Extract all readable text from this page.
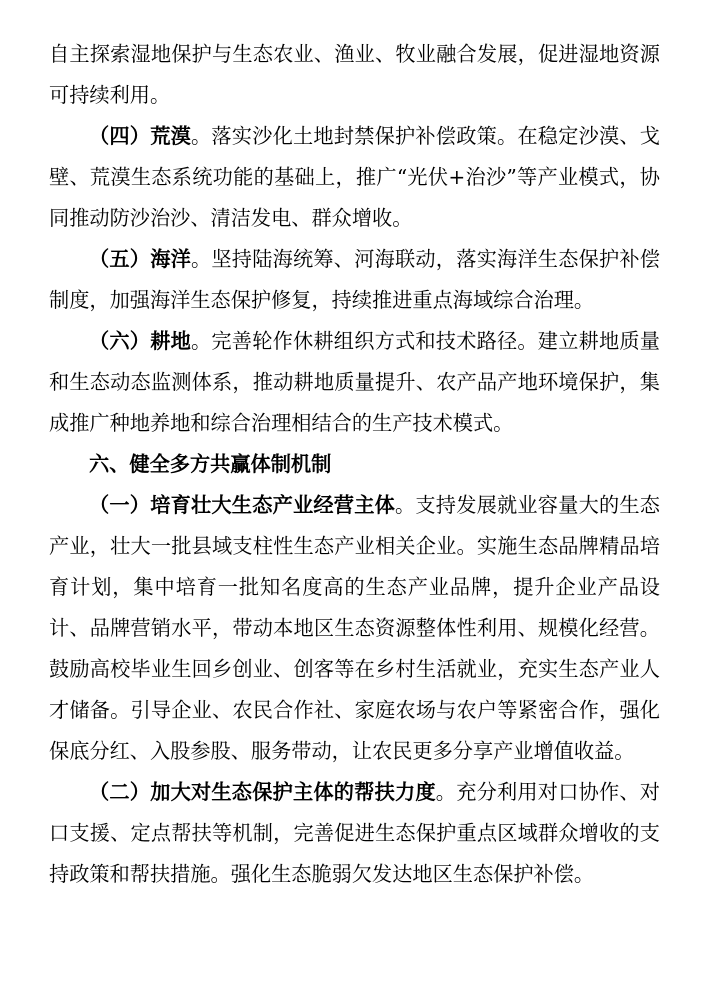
自主探索湿地保护与生态农业、渔业、牧业融合发展，促进湿地资源可持续利用。

（四）荒漠。落实沙化土地封禁保护补偿政策。在稳定沙漠、戈壁、荒漠生态系统功能的基础上，推广“光伏+治沙”等产业模式，协同推动防沙治沙、清洁发电、群众增收。

（五）海洋。坚持陆海统筹、河海联动，落实海洋生态保护补偿制度，加强海洋生态保护修复，持续推进重点海域综合治理。

（六）耕地。完善轮作休耕组织方式和技术路径。建立耕地质量和生态动态监测体系，推动耕地质量提升、农产品产地环境保护，集成推广种地养地和综合治理相结合的生产技术模式。

六、健全多方共赢体制机制

（一）培育壮大生态产业经营主体。支持发展就业容量大的生态产业，壮大一批县域支柱性生态产业相关企业。实施生态品牌精品培育计划，集中培育一批知名度高的生态产业品牌，提升企业产品设计、品牌营销水平，带动本地区生态资源整体性利用、规模化经营。鼓励高校毕业生回乡创业、创客等在乡村生活就业，充实生态产业人才储备。引导企业、农民合作社、家庭农场与农户等紧密合作，强化保底分红、入股参股、服务带动，让农民更多分享产业增值收益。

（二）加大对生态保护主体的帮扶力度。充分利用对口协作、对口支援、定点帮扶等机制，完善促进生态保护重点区域群众增收的支持政策和帮扶措施。强化生态脆弱欠发达地区生态保护补偿。
